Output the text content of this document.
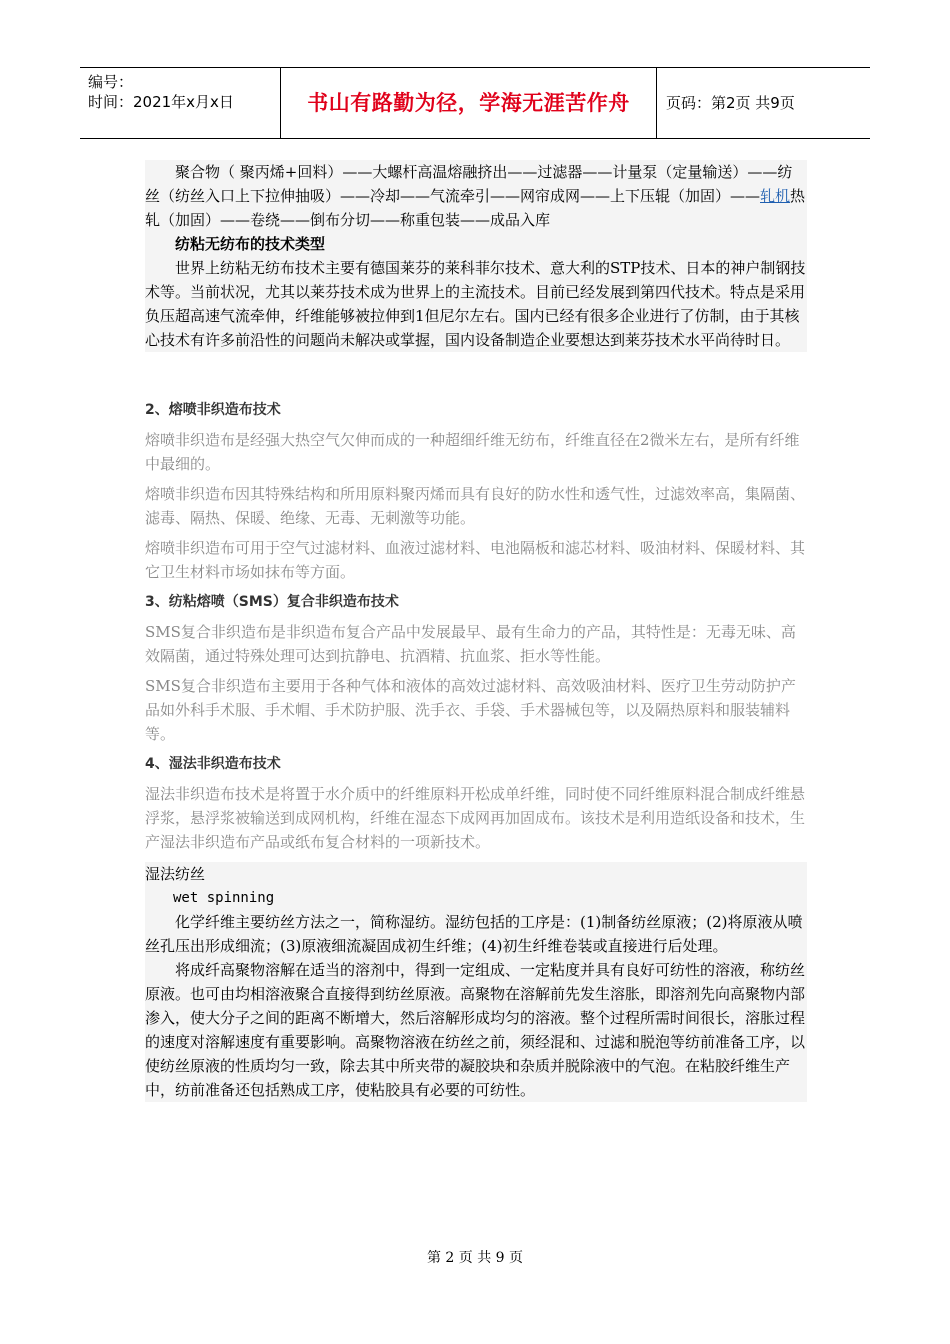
编号：
时间：2021年x月x日	书山有路勤为径，学海无涯苦作舟	页码：第2页 共9页

聚合物（ 聚丙烯+回料）——大螺杆高温熔融挤出——过滤器——计量泵（定量输送）——纺丝（纺丝入口上下拉伸抽吸）——冷却——气流牵引——网帘成网——上下压辊（加固）——轧机热轧（加固）——卷绕——倒布分切——称重包装——成品入库

纺粘无纺布的技术类型

世界上纺粘无纺布技术主要有德国莱芬的莱科菲尔技术、意大利的STP技术、日本的神户制钢技术等。当前状况，尤其以莱芬技术成为世界上的主流技术。目前已经发展到第四代技术。特点是采用负压超高速气流牵伸，纤维能够被拉伸到1但尼尔左右。国内已经有很多企业进行了仿制，由于其核心技术有许多前沿性的问题尚未解决或掌握，国内设备制造企业要想达到莱芬技术水平尚待时日。

2、熔喷非织造布技术

熔喷非织造布是经强大热空气欠伸而成的一种超细纤维无纺布，纤维直径在2微米左右，是所有纤维中最细的。

熔喷非织造布因其特殊结构和所用原料聚丙烯而具有良好的防水性和透气性，过滤效率高，集隔菌、滤毒、隔热、保暖、绝缘、无毒、无刺激等功能。

熔喷非织造布可用于空气过滤材料、血液过滤材料、电池隔板和滤芯材料、吸油材料、保暖材料、其它卫生材料市场如抹布等方面。

3、纺粘熔喷（SMS）复合非织造布技术

SMS复合非织造布是非织造布复合产品中发展最早、最有生命力的产品，其特性是：无毒无味、高效隔菌，通过特殊处理可达到抗静电、抗酒精、抗血浆、拒水等性能。

SMS复合非织造布主要用于各种气体和液体的高效过滤材料、高效吸油材料、医疗卫生劳动防护产品如外科手术服、手术帽、手术防护服、洗手衣、手袋、手术器械包等，以及隔热原料和服装辅料等。

4、湿法非织造布技术

湿法非织造布技术是将置于水介质中的纤维原料开松成单纤维，同时使不同纤维原料混合制成纤维悬浮浆，悬浮浆被输送到成网机构，纤维在湿态下成网再加固成布。该技术是利用造纸设备和技术，生产湿法非织造布产品或纸布复合材料的一项新技术。

湿法纺丝

wet spinning

化学纤维主要纺丝方法之一，简称湿纺。湿纺包括的工序是：(1)制备纺丝原液；(2)将原液从喷丝孔压出形成细流；(3)原液细流凝固成初生纤维；(4)初生纤维卷装或直接进行后处理。

将成纤高聚物溶解在适当的溶剂中，得到一定组成、一定粘度并具有良好可纺性的溶液，称纺丝原液。也可由均相溶液聚合直接得到纺丝原液。高聚物在溶解前先发生溶胀，即溶剂先向高聚物内部渗入，使大分子之间的距离不断增大，然后溶解形成均匀的溶液。整个过程所需时间很长，溶胀过程的速度对溶解速度有重要影响。高聚物溶液在纺丝之前，须经混和、过滤和脱泡等纺前准备工序，以使纺丝原液的性质均匀一致，除去其中所夹带的凝胶块和杂质并脱除液中的气泡。在粘胶纤维生产中，纺前准备还包括熟成工序，使粘胶具有必要的可纺性。

第 2 页 共 9 页
